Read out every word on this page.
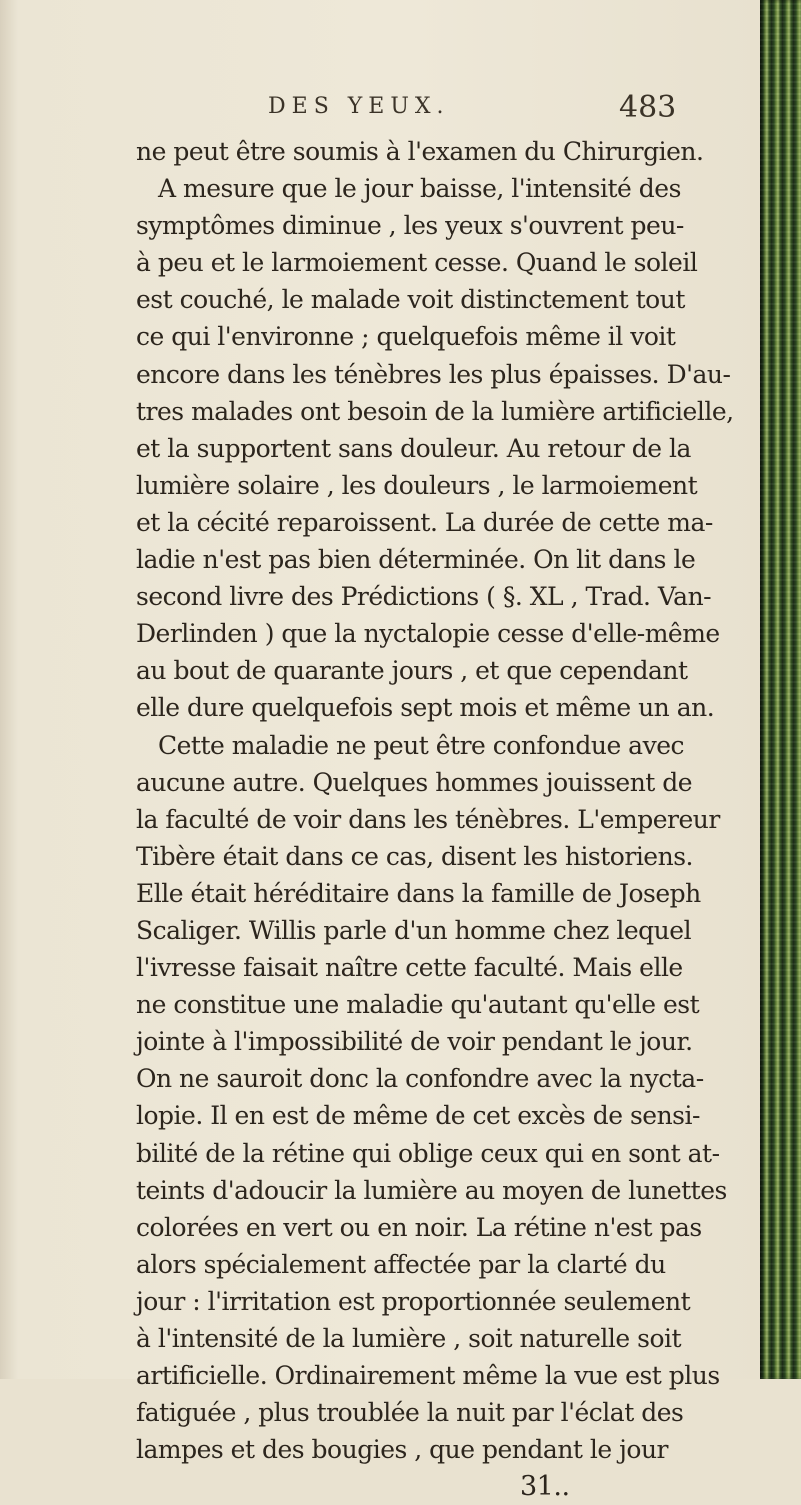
DES YEUX.	483
ne peut être soumis à l'examen du Chirurgien.
A mesure que le jour baisse, l'intensité des
symptômes diminue , les yeux s'ouvrent peu-
à peu et le larmoiement cesse. Quand le soleil
est couché, le malade voit distinctement tout
ce qui l'environne ; quelquefois même il voit
encore dans les ténèbres les plus épaisses. D'au-
tres malades ont besoin de la lumière artificielle,
et la supportent sans douleur. Au retour de la
lumière solaire , les douleurs , le larmoiement
et la cécité reparoissent. La durée de cette ma-
ladie n'est pas bien déterminée. On lit dans le
second livre des Prédictions ( §. XL , Trad. Van-
Derlinden ) que la nyctalopie cesse d'elle-même
au bout de quarante jours , et que cependant
elle dure quelquefois sept mois et même un an.
Cette maladie ne peut être confondue avec
aucune autre. Quelques hommes jouissent de
la faculté de voir dans les ténèbres. L'empereur
Tibère était dans ce cas, disent les historiens.
Elle était héréditaire dans la famille de Joseph
Scaliger. Willis parle d'un homme chez lequel
l'ivresse faisait naître cette faculté. Mais elle
ne constitue une maladie qu'autant qu'elle est
jointe à l'impossibilité de voir pendant le jour.
On ne sauroit donc la confondre avec la nycta-
lopie. Il en est de même de cet excès de sensi-
bilité de la rétine qui oblige ceux qui en sont at-
teints d'adoucir la lumière au moyen de lunettes
colorées en vert ou en noir. La rétine n'est pas
alors spécialement affectée par la clarté du
jour : l'irritation est proportionnée seulement
à l'intensité de la lumière , soit naturelle soit
artificielle. Ordinairement même la vue est plus
fatiguée , plus troublée la nuit par l'éclat des
lampes et des bougies , que pendant le jour
31..
